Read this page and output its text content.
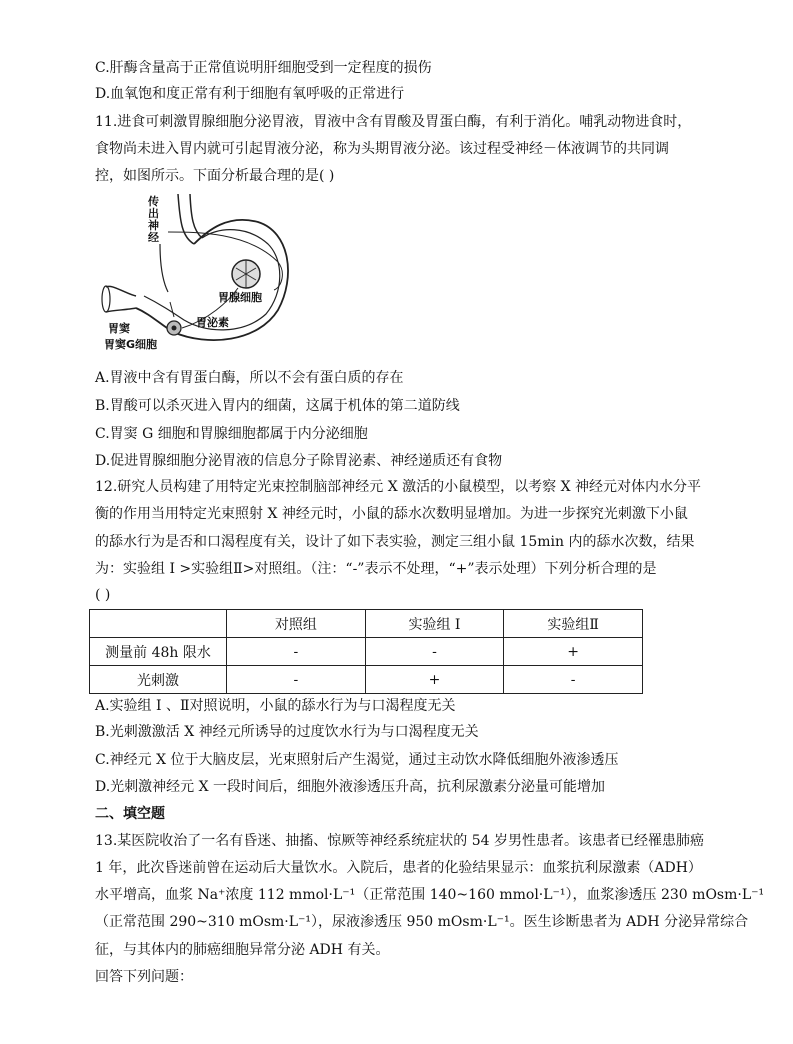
C.肝酶含量高于正常值说明肝细胞受到一定程度的损伤
D.血氧饱和度正常有利于细胞有氧呼吸的正常进行
11.进食可刺激胃腺细胞分泌胃液，胃液中含有胃酸及胃蛋白酶，有利于消化。哺乳动物进食时，
食物尚未进入胃内就可引起胃液分泌，称为头期胃液分泌。该过程受神经－体液调节的共同调
控，如图所示。下面分析最合理的是( )
传
出
神
经
胃腺细胞
胃泌素
胃窦
胃窦G细胞
A.胃液中含有胃蛋白酶，所以不会有蛋白质的存在
B.胃酸可以杀灭进入胃内的细菌，这属于机体的第二道防线
C.胃窦 G 细胞和胃腺细胞都属于内分泌细胞
D.促进胃腺细胞分泌胃液的信息分子除胃泌素、神经递质还有食物
12.研究人员构建了用特定光束控制脑部神经元 X 激活的小鼠模型，以考察 X 神经元对体内水分平
衡的作用当用特定光束照射 X 神经元时，小鼠的舔水次数明显增加。为进一步探究光刺激下小鼠
的舔水行为是否和口渴程度有关，设计了如下表实验，测定三组小鼠 15min 内的舔水次数，结果
为：实验组 I >实验组Ⅱ>对照组。（注：“-”表示不处理，“+”表示处理）下列分析合理的是
( )
	对照组	实验组 I	实验组Ⅱ
测量前 48h 限水	-	-	+
光刺激	-	+	-
A.实验组 I 、Ⅱ对照说明，小鼠的舔水行为与口渴程度无关
B.光刺激激活 X 神经元所诱导的过度饮水行为与口渴程度无关
C.神经元 X 位于大脑皮层，光束照射后产生渴觉，通过主动饮水降低细胞外液渗透压
D.光刺激神经元 X 一段时间后，细胞外液渗透压升高，抗利尿激素分泌量可能增加
二、填空题
13.某医院收治了一名有昏迷、抽搐、惊厥等神经系统症状的 54 岁男性患者。该患者已经罹患肺癌
1 年，此次昏迷前曾在运动后大量饮水。入院后，患者的化验结果显示：血浆抗利尿激素（ADH）
水平增高，血浆 Na⁺浓度 112 mmol·L⁻¹（正常范围 140~160 mmol·L⁻¹），血浆渗透压 230 mOsm·L⁻¹
（正常范围 290~310 mOsm·L⁻¹），尿液渗透压 950 mOsm·L⁻¹。医生诊断患者为 ADH 分泌异常综合
征，与其体内的肺癌细胞异常分泌 ADH 有关。
回答下列问题：
